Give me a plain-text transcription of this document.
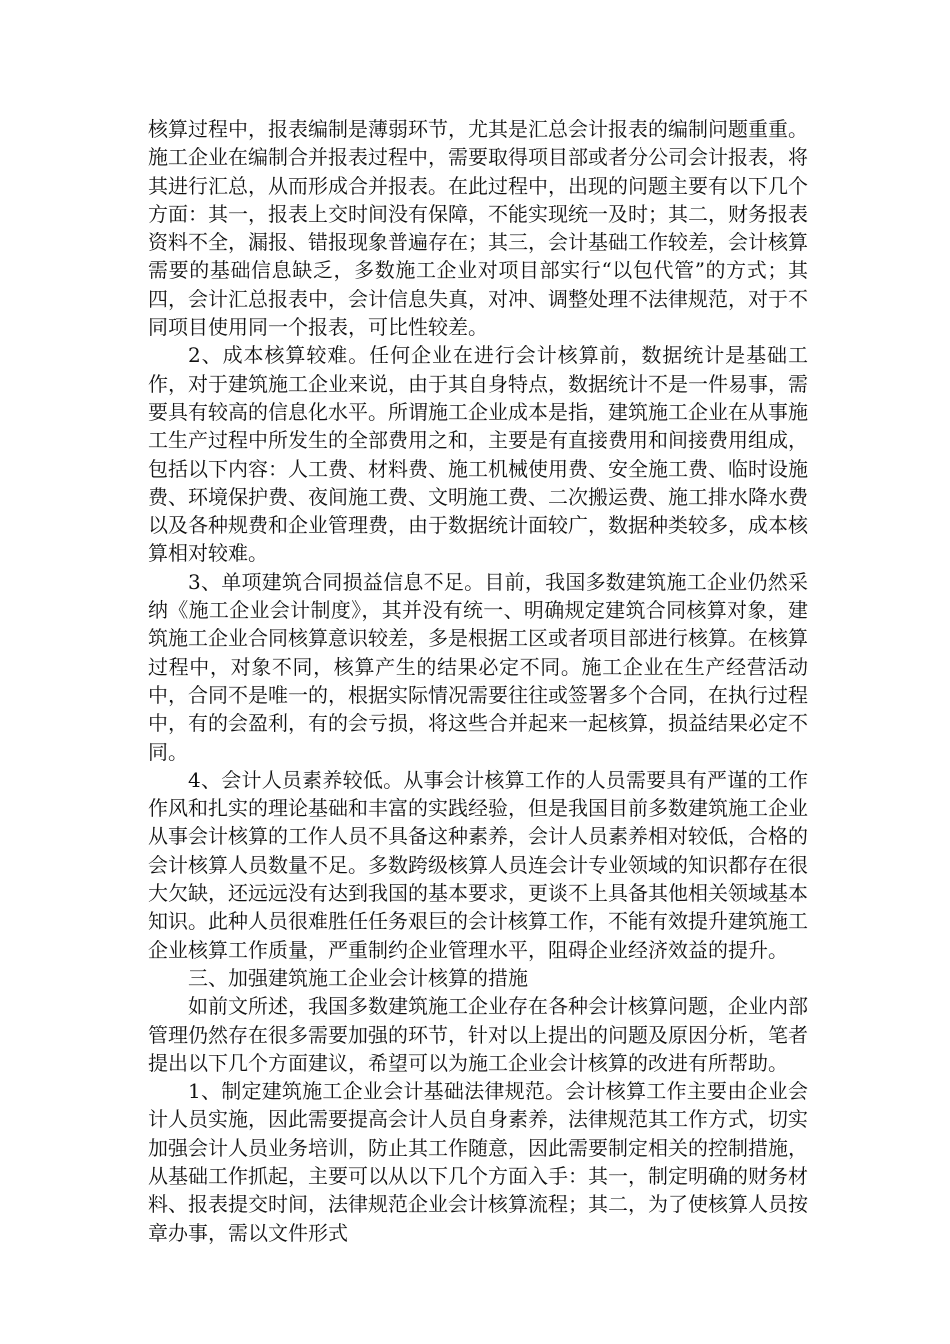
核算过程中，报表编制是薄弱环节，尤其是汇总会计报表的编制问题重重。施工企业在编制合并报表过程中，需要取得项目部或者分公司会计报表，将其进行汇总，从而形成合并报表。在此过程中，出现的问题主要有以下几个方面：其一，报表上交时间没有保障，不能实现统一及时；其二，财务报表资料不全，漏报、错报现象普遍存在；其三，会计基础工作较差，会计核算需要的基础信息缺乏，多数施工企业对项目部实行“以包代管”的方式；其四，会计汇总报表中，会计信息失真，对冲、调整处理不法律规范，对于不同项目使用同一个报表，可比性较差。

2、成本核算较难。任何企业在进行会计核算前，数据统计是基础工作，对于建筑施工企业来说，由于其自身特点，数据统计不是一件易事，需要具有较高的信息化水平。所谓施工企业成本是指，建筑施工企业在从事施工生产过程中所发生的全部费用之和，主要是有直接费用和间接费用组成，包括以下内容：人工费、材料费、施工机械使用费、安全施工费、临时设施费、环境保护费、夜间施工费、文明施工费、二次搬运费、施工排水降水费以及各种规费和企业管理费，由于数据统计面较广，数据种类较多，成本核算相对较难。

3、单项建筑合同损益信息不足。目前，我国多数建筑施工企业仍然采纳《施工企业会计制度》，其并没有统一、明确规定建筑合同核算对象，建筑施工企业合同核算意识较差，多是根据工区或者项目部进行核算。在核算过程中，对象不同，核算产生的结果必定不同。施工企业在生产经营活动中，合同不是唯一的，根据实际情况需要往往或签署多个合同，在执行过程中，有的会盈利，有的会亏损，将这些合并起来一起核算，损益结果必定不同。

4、会计人员素养较低。从事会计核算工作的人员需要具有严谨的工作作风和扎实的理论基础和丰富的实践经验，但是我国目前多数建筑施工企业从事会计核算的工作人员不具备这种素养，会计人员素养相对较低，合格的会计核算人员数量不足。多数跨级核算人员连会计专业领域的知识都存在很大欠缺，还远远没有达到我国的基本要求，更谈不上具备其他相关领域基本知识。此种人员很难胜任任务艰巨的会计核算工作，不能有效提升建筑施工企业核算工作质量，严重制约企业管理水平，阻碍企业经济效益的提升。

三、加强建筑施工企业会计核算的措施

如前文所述，我国多数建筑施工企业存在各种会计核算问题，企业内部管理仍然存在很多需要加强的环节，针对以上提出的问题及原因分析，笔者提出以下几个方面建议，希望可以为施工企业会计核算的改进有所帮助。

1、制定建筑施工企业会计基础法律规范。会计核算工作主要由企业会计人员实施，因此需要提高会计人员自身素养，法律规范其工作方式，切实加强会计人员业务培训，防止其工作随意，因此需要制定相关的控制措施，从基础工作抓起，主要可以从以下几个方面入手：其一，制定明确的财务材料、报表提交时间，法律规范企业会计核算流程；其二，为了使核算人员按章办事，需以文件形式
